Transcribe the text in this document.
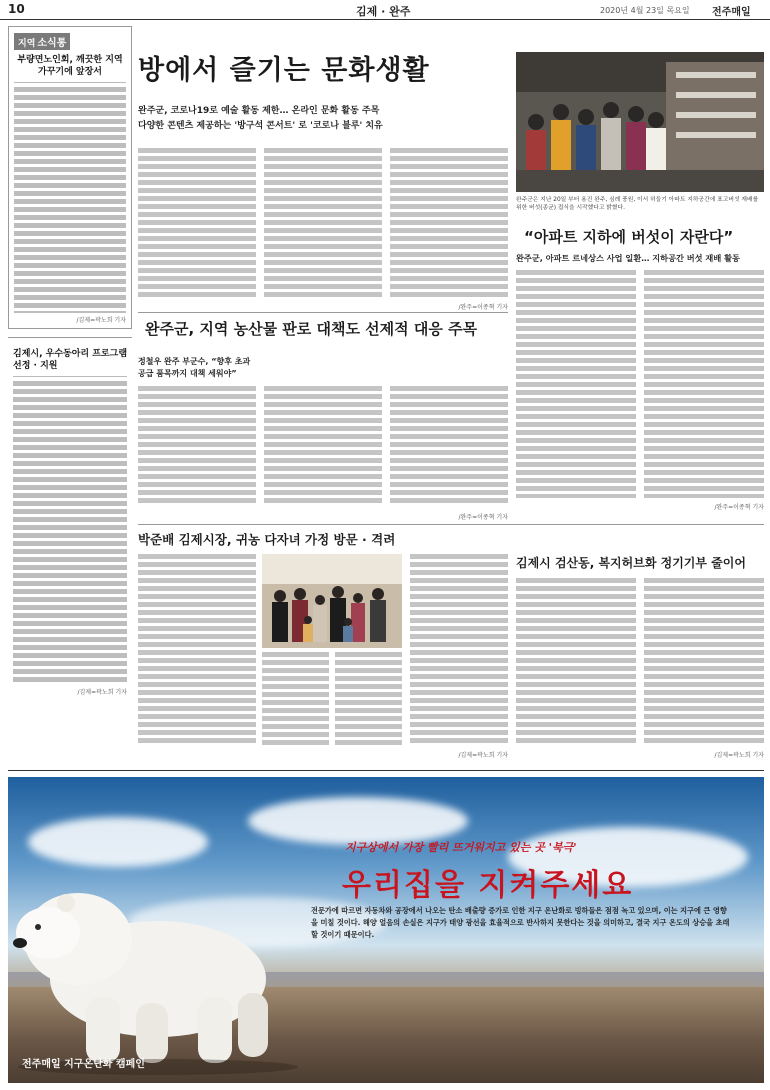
10	김제 · 완주	2020년 4월 23일 목요일 전주매일
지역 소식통
부량면노인회, 깨끗한 지역 가꾸기에 앞장서
/김제=곽노희 기자
김제시, 우수동아리 프로그램 선정 · 지원
/김제=곽노희 기자
방에서 즐기는 문화생활
완주군, 코로나19로 예술 활동 제한… 온라인 문화 활동 주목
다양한 콘텐츠 제공하는 '방구석 콘서트' 로 '코로나 블루' 치유
/완주=이종혁 기자
완주군은 지난 20일 부터 용진 완주, 심례 풍원, 이서 허들기 아파트 지하공간에 표고버섯 재배를 위한 버섯(종균) 접식을 시작했다고 밝혔다.
“아파트 지하에 버섯이 자란다”
완주군, 아파트 르네상스 사업 일환… 지하공간 버섯 재배 활동
/완주=이종혁 기자
완주군, 지역 농산물 판로 대책도 선제적 대응 주목
정철우 완주 부군수, “향후 초과 공급 품목까지 대책 세워야”
/완주=이종혁 기자
박준배 김제시장, 귀농 다자녀 가정 방문 · 격려
/김제=곽노희 기자
김제시 검산동, 복지허브화 정기기부 줄이어
/김제=곽노희 기자
지구상에서 가장 빨리 뜨거워지고 있는 곳 '북극'
우리집을 지켜주세요
전문가에 따르면 자동차와 공장에서 나오는 탄소 배출량 증가로 인한 지구 온난화로 빙하들은 점점 녹고 있으며, 이는 지구에 큰 영향을 미칠 것이다. 해양 얼음의 손실은 지구가 태양 광선을 효율적으로 반사하지 못한다는 것을 의미하고, 결국 지구 온도의 상승을 초래할 것이기 때문이다.
전주매일 지구온난화 캠페인
